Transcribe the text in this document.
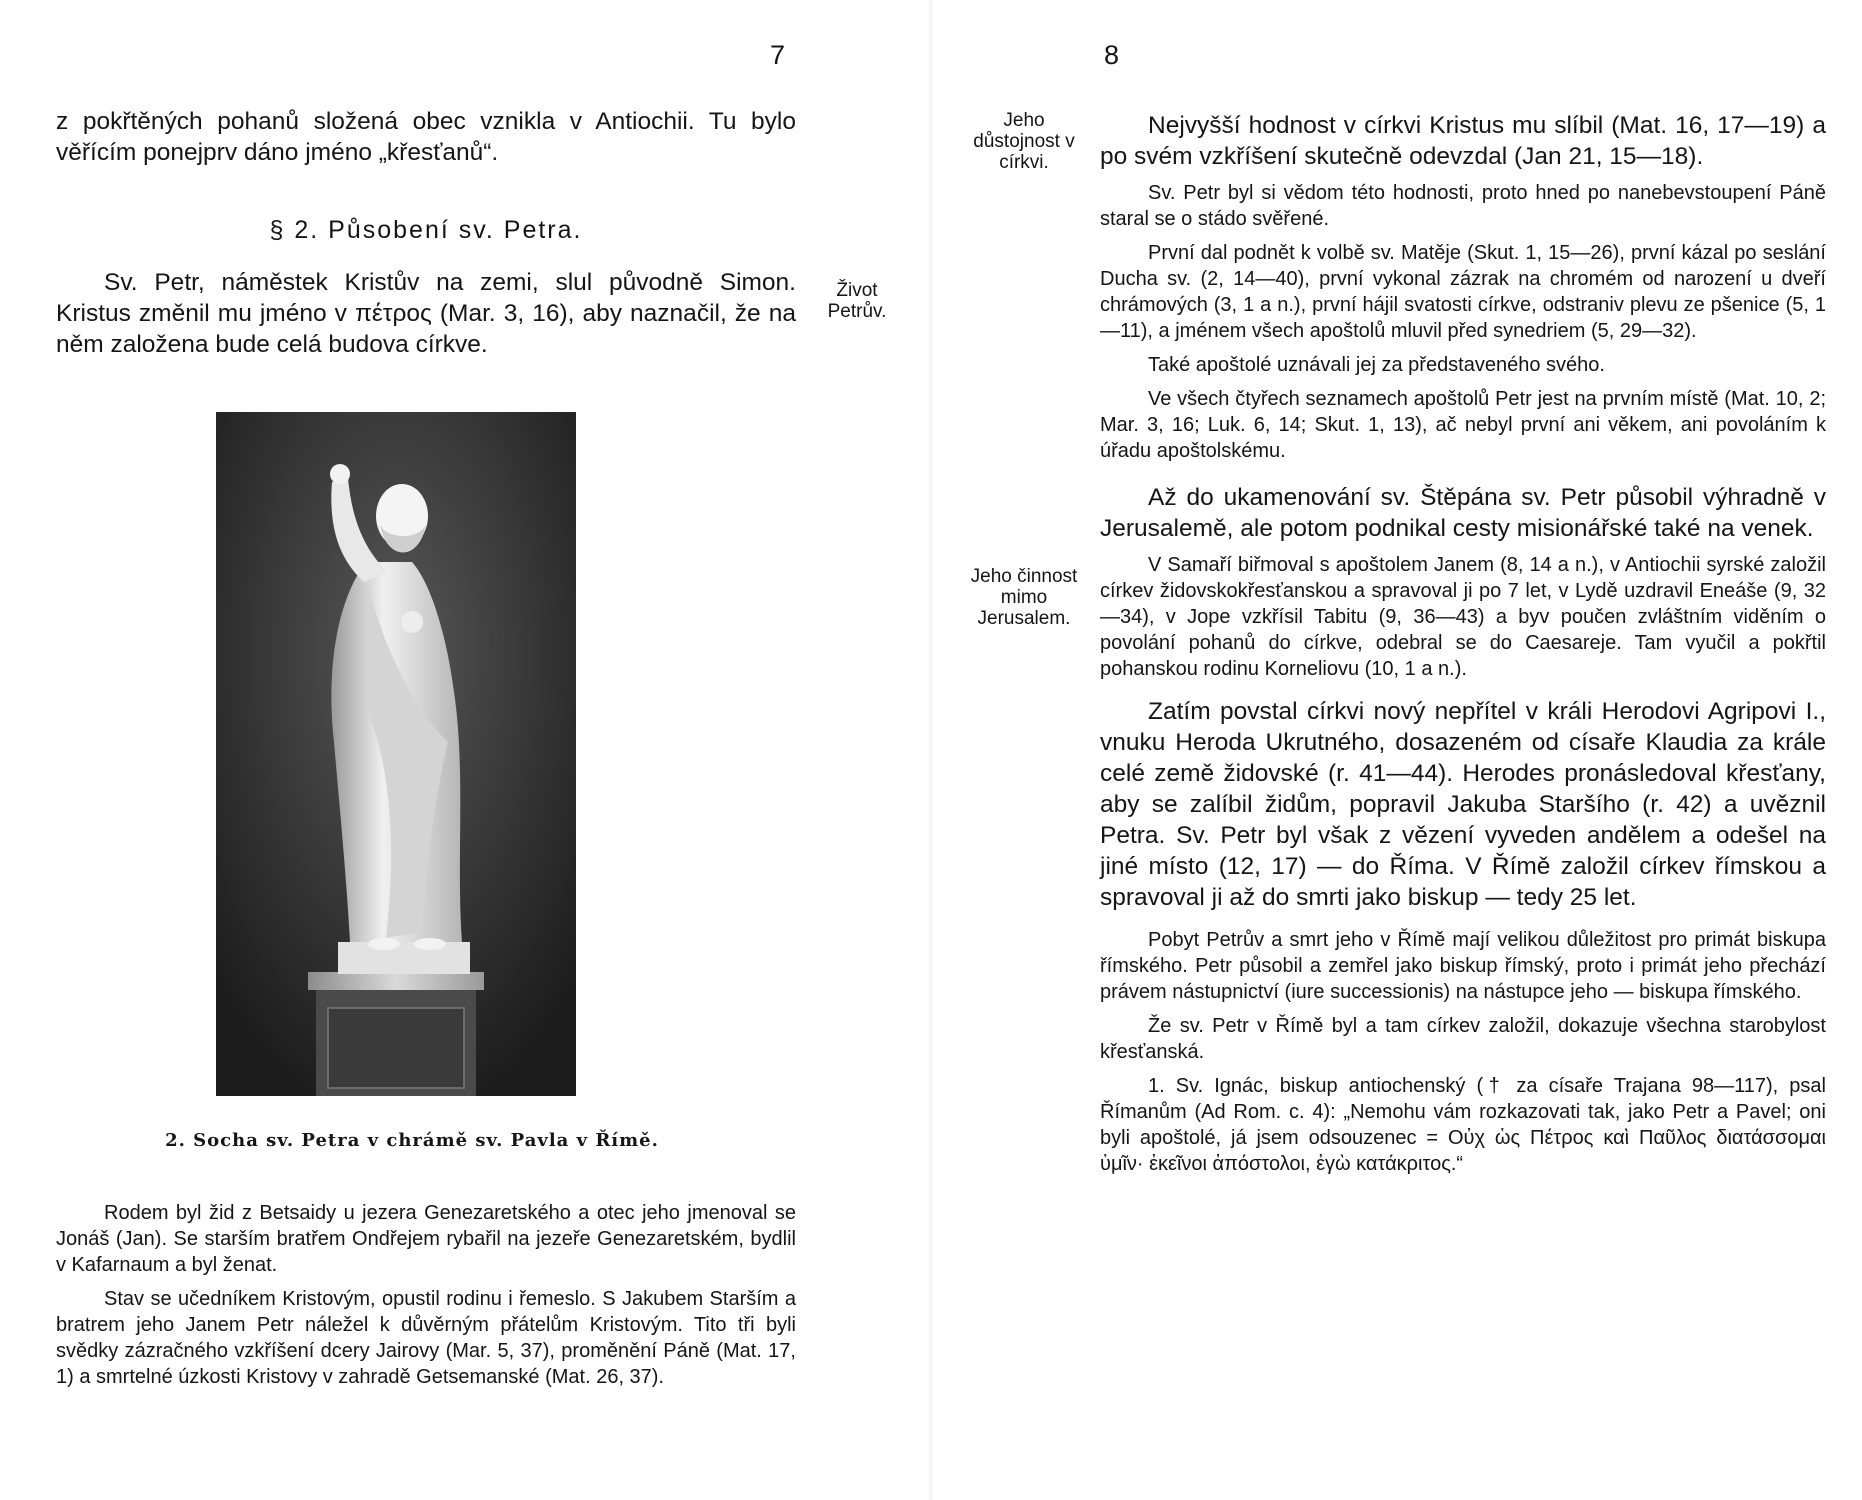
7

z pokřtěných pohanů složená obec vznikla v Antiochii. Tu bylo věřícím ponejprv dáno jméno „křesťanů“.

§ 2. Působení sv. Petra.

Sv. Petr, náměstek Kristův na zemi, slul původně Simon. Kristus změnil mu jméno v πέτρος (Mar. 3, 16), aby naznačil, že na něm založena bude celá budova církve.

Život Petrův.
2. Socha sv. Petra v chrámě sv. Pavla v Římě.

Rodem byl žid z Betsaidy u jezera Genezaretského a otec jeho jmenoval se Jonáš (Jan). Se starším bratřem Ondřejem rybařil na jezeře Genezaretském, bydlil v Kafarnaum a byl ženat.

Stav se učedníkem Kristovým, opustil rodinu i řemeslo. S Jakubem Starším a bratrem jeho Janem Petr náležel k důvěrným přátelům Kristovým. Tito tři byli svědky zázračného vzkříšení dcery Jairovy (Mar. 5, 37), proměnění Páně (Mat. 17, 1) a smrtelné úzkosti Kristovy v zahradě Getsemanské (Mat. 26, 37).

8
Jeho důstojnost v církvi.
Jeho činnost mimo Jerusalem.

Nejvyšší hodnost v církvi Kristus mu slíbil (Mat. 16, 17—19) a po svém vzkříšení skutečně odevzdal (Jan 21, 15—18).

Sv. Petr byl si vědom této hodnosti, proto hned po nanebevstoupení Páně staral se o stádo svěřené.

První dal podnět k volbě sv. Matěje (Skut. 1, 15—26), první kázal po seslání Ducha sv. (2, 14—40), první vykonal zázrak na chromém od narození u dveří chrámových (3, 1 a n.), první hájil svatosti církve, odstraniv plevu ze pšenice (5, 1—11), a jménem všech apoštolů mluvil před synedriem (5, 29—32).

Také apoštolé uznávali jej za představeného svého.

Ve všech čtyřech seznamech apoštolů Petr jest na prvním místě (Mat. 10, 2; Mar. 3, 16; Luk. 6, 14; Skut. 1, 13), ač nebyl první ani věkem, ani povoláním k úřadu apoštolskému.

Až do ukamenování sv. Štěpána sv. Petr působil výhradně v Jerusalemě, ale potom podnikal cesty misionářské také na venek.

V Samaří biřmoval s apoštolem Janem (8, 14 a n.), v Antiochii syrské založil církev židovskokřesťanskou a spravoval ji po 7 let, v Lydě uzdravil Eneáše (9, 32—34), v Jope vzkřísil Tabitu (9, 36—43) a byv poučen zvláštním viděním o povolání pohanů do církve, odebral se do Caesareje. Tam vyučil a pokřtil pohanskou rodinu Korneliovu (10, 1 a n.).

Zatím povstal církvi nový nepřítel v králi Herodovi Agripovi I., vnuku Heroda Ukrutného, dosazeném od císaře Klaudia za krále celé země židovské (r. 41—44). Herodes pronásledoval křesťany, aby se zalíbil židům, popravil Jakuba Staršího (r. 42) a uvěznil Petra. Sv. Petr byl však z vězení vyveden andělem a odešel na jiné místo (12, 17) — do Říma. V Římě založil církev římskou a spravoval ji až do smrti jako biskup — tedy 25 let.

Pobyt Petrův a smrt jeho v Římě mají velikou důležitost pro primát biskupa římského. Petr působil a zemřel jako biskup římský, proto i primát jeho přechází právem nástupnictví (iure successionis) na nástupce jeho — biskupa římského.

Že sv. Petr v Římě byl a tam církev založil, dokazuje všechna starobylost křesťanská.

1. Sv. Ignác, biskup antiochenský († za císaře Trajana 98—117), psal Římanům (Ad Rom. c. 4): „Nemohu vám rozkazovati tak, jako Petr a Pavel; oni byli apoštolé, já jsem odsouzenec = Οὐχ ὡς Πέτρος καὶ Παῦλος διατάσσομαι ὑμῖν· ἐκεῖνοι ἀπόστολοι, ἐγὼ κατάκριτος.“
